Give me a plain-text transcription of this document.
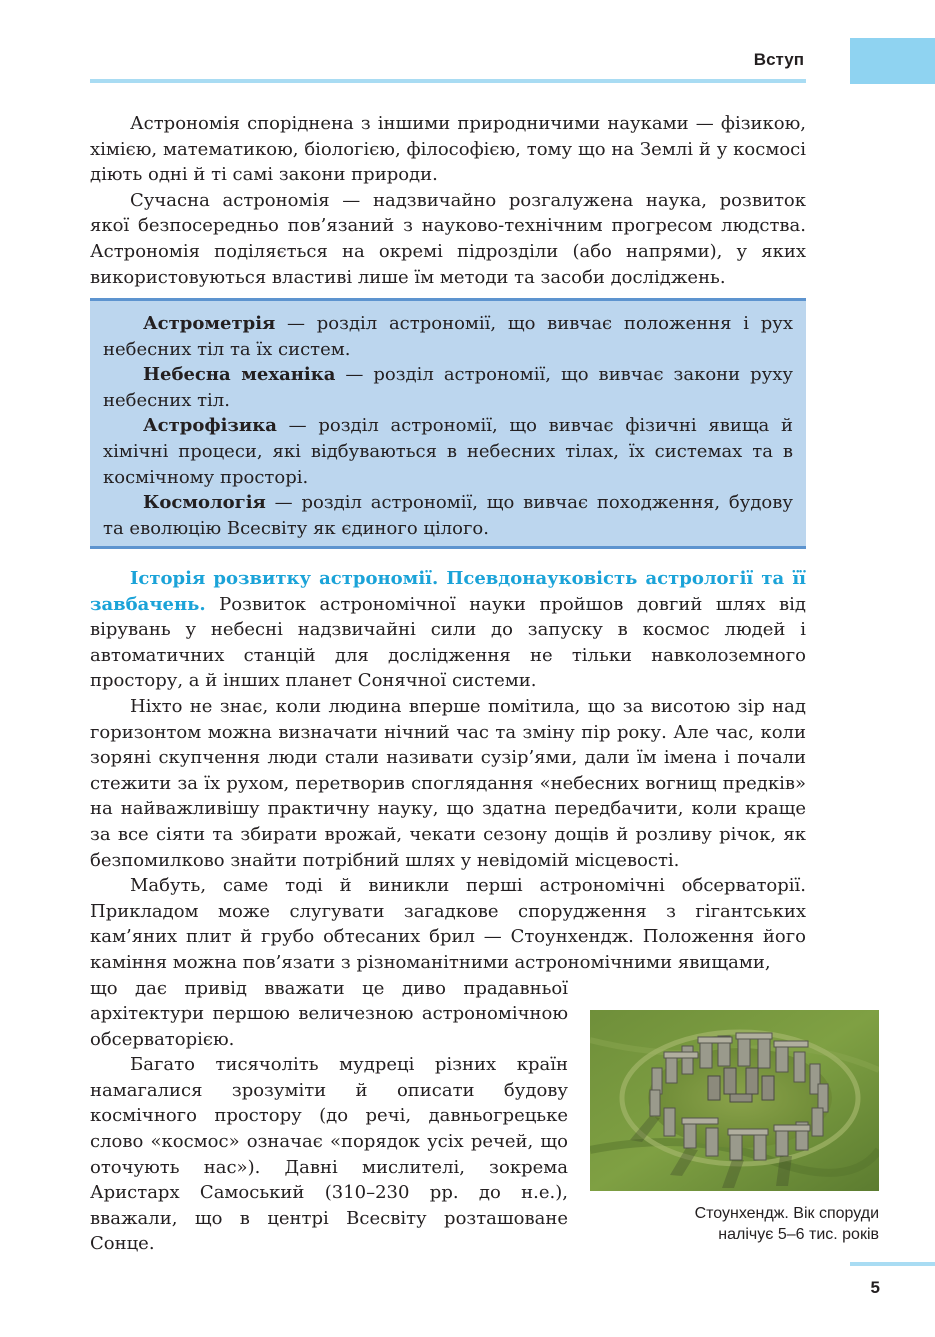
Вступ

Астрономія споріднена з іншими природничими науками — фізикою, хімією, математикою, біологією, філософією, тому що на Землі й у космосі діють одні й ті самі закони природи.

Сучасна астрономія — надзвичайно розгалужена наука, розвиток якої безпосередньо пов’язаний з науково-технічним прогресом людства. Астрономія поділяється на окремі підрозділи (або напрями), у яких використовуються властиві лише їм методи та засоби досліджень.

Астрометрія — розділ астрономії, що вивчає положення і рух небесних тіл та їх систем.

Небесна механіка — розділ астрономії, що вивчає закони руху небесних тіл.

Астрофізика — розділ астрономії, що вивчає фізичні явища й хімічні процеси, які відбуваються в небесних тілах, їх системах та в космічному просторі.

Космологія — розділ астрономії, що вивчає походження, будову та еволюцію Всесвіту як єдиного цілого.

Історія розвитку астрономії. Псевдонауковість астрології та її завбачень. Розвиток астрономічної науки пройшов довгий шлях від вірувань у небесні надзвичайні сили до запуску в космос людей і автоматичних станцій для дослідження не тільки навколоземного простору, а й інших планет Сонячної системи.

Ніхто не знає, коли людина вперше помітила, що за висотою зір над горизонтом можна визначати нічний час та зміну пір року. Але час, коли зоряні скупчення люди стали називати сузір’ями, дали їм імена і почали стежити за їх рухом, перетворив споглядання «небесних вогнищ предків» на найважливішу практичну науку, що здатна передбачити, коли краще за все сіяти та збирати врожай, чекати сезону дощів й розливу річок, як безпомилково знайти потрібний шлях у невідомій місцевості.

Мабуть, саме тоді й виникли перші астрономічні обсерваторії. Прикладом може слугувати загадкове спорудження з гігантських кам’яних плит й грубо обтесаних брил — Стоунхендж. Положення його каміння можна пов’язати з різноманітними астрономічними явищами,

що дає привід вважати це диво прадавньої архітектури першою величезною астрономічною обсерваторією.

Багато тисячоліть мудреці різних країн намагалися зрозуміти й описати будову космічного простору (до речі, давньогрецьке слово «космос» означає «порядок усіх речей, що оточують нас»). Давні мислителі, зокрема Аристарх Самоський (310–230 рр. до н.е.), вважали, що в центрі Всесвіту розташоване Сонце.

Стоунхендж. Вік споруди
налічує 5–6 тис. років
5
